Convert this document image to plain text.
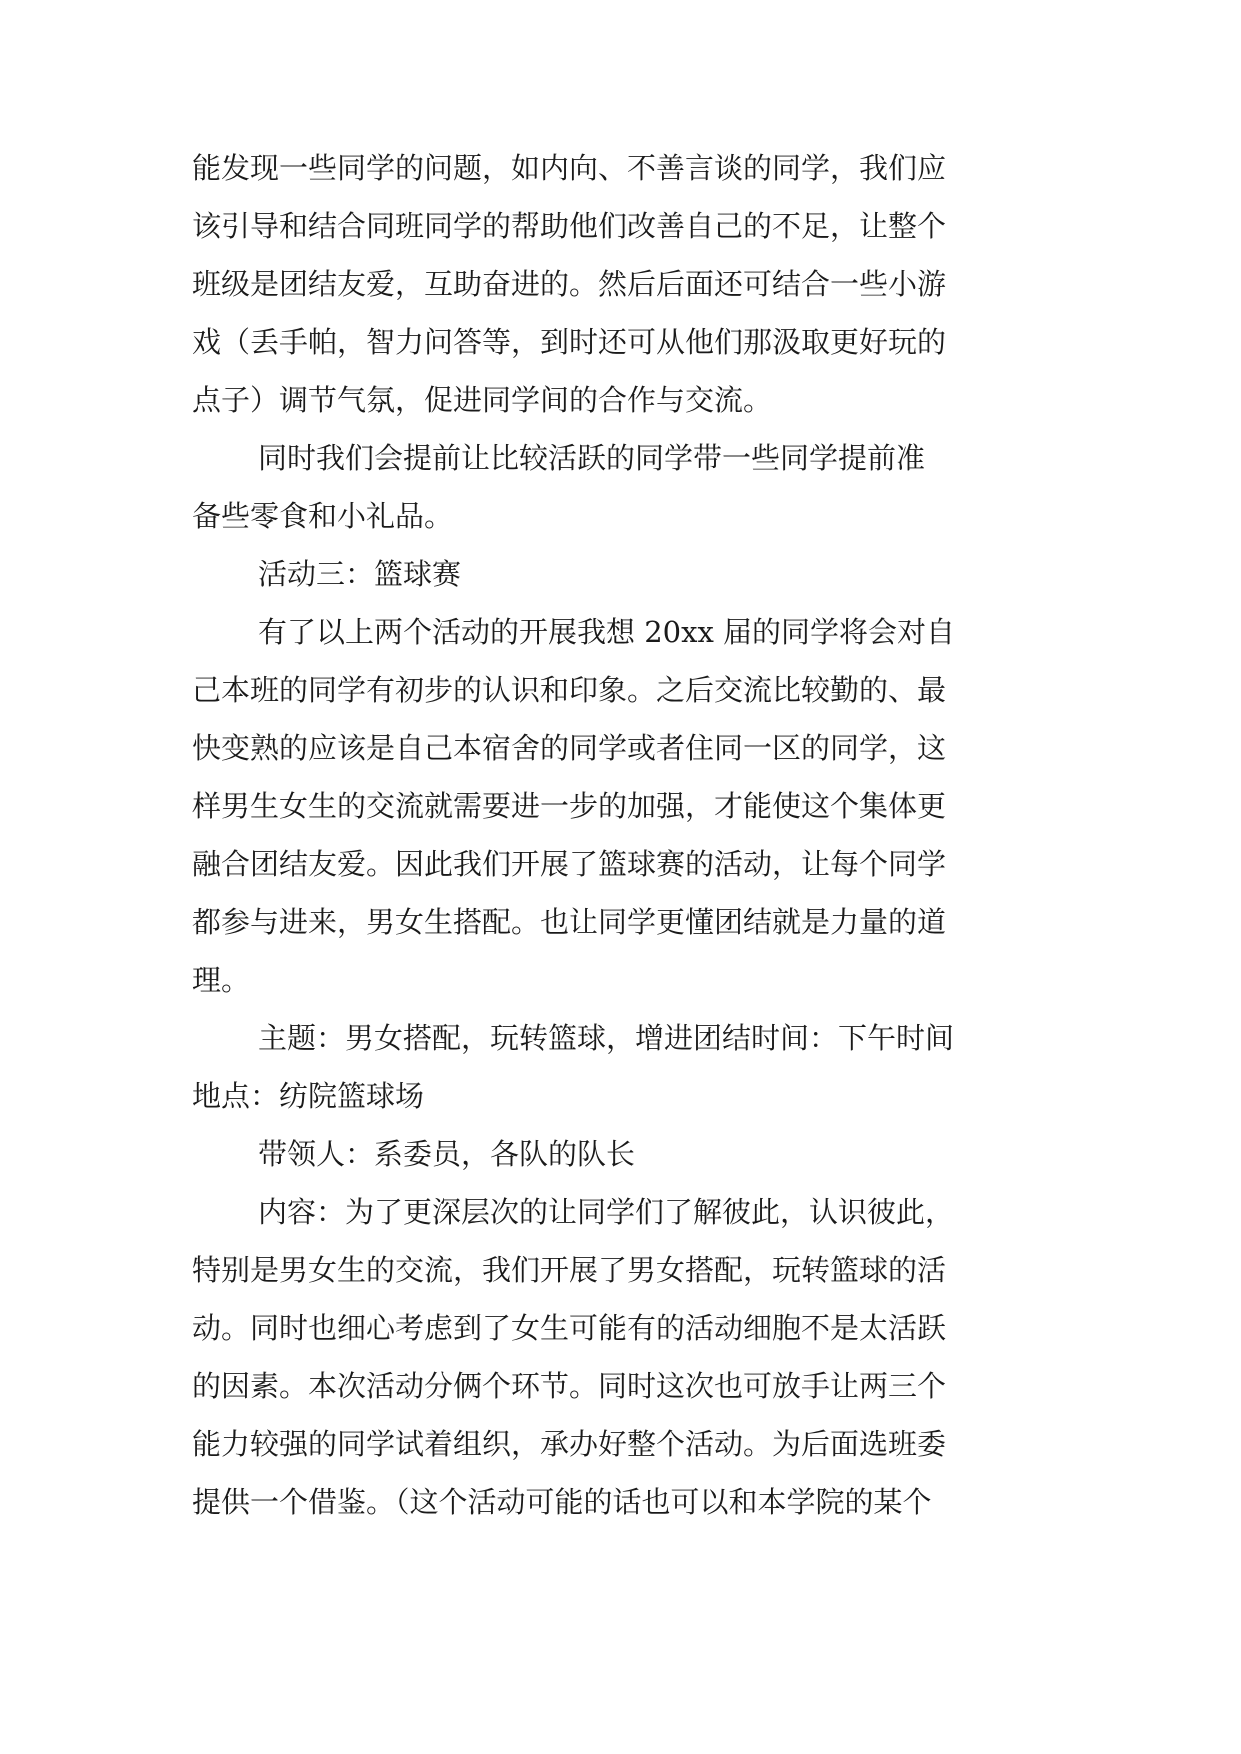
能发现一些同学的问题，如内向、不善言谈的同学，我们应
该引导和结合同班同学的帮助他们改善自己的不足，让整个
班级是团结友爱，互助奋进的。然后后面还可结合一些小游
戏（丢手帕，智力问答等，到时还可从他们那汲取更好玩的
点子）调节气氛，促进同学间的合作与交流。
同时我们会提前让比较活跃的同学带一些同学提前准
备些零食和小礼品。
活动三：篮球赛
有了以上两个活动的开展我想 20xx 届的同学将会对自
己本班的同学有初步的认识和印象。之后交流比较勤的、最
快变熟的应该是自己本宿舍的同学或者住同一区的同学，这
样男生女生的交流就需要进一步的加强，才能使这个集体更
融合团结友爱。因此我们开展了篮球赛的活动，让每个同学
都参与进来，男女生搭配。也让同学更懂团结就是力量的道
理。
主题：男女搭配，玩转篮球，增进团结时间：下午时间
地点：纺院篮球场
带领人：系委员，各队的队长
内容：为了更深层次的让同学们了解彼此，认识彼此，
特别是男女生的交流，我们开展了男女搭配，玩转篮球的活
动。同时也细心考虑到了女生可能有的活动细胞不是太活跃
的因素。本次活动分俩个环节。同时这次也可放手让两三个
能力较强的同学试着组织，承办好整个活动。为后面选班委
提供一个借鉴。（这个活动可能的话也可以和本学院的某个
